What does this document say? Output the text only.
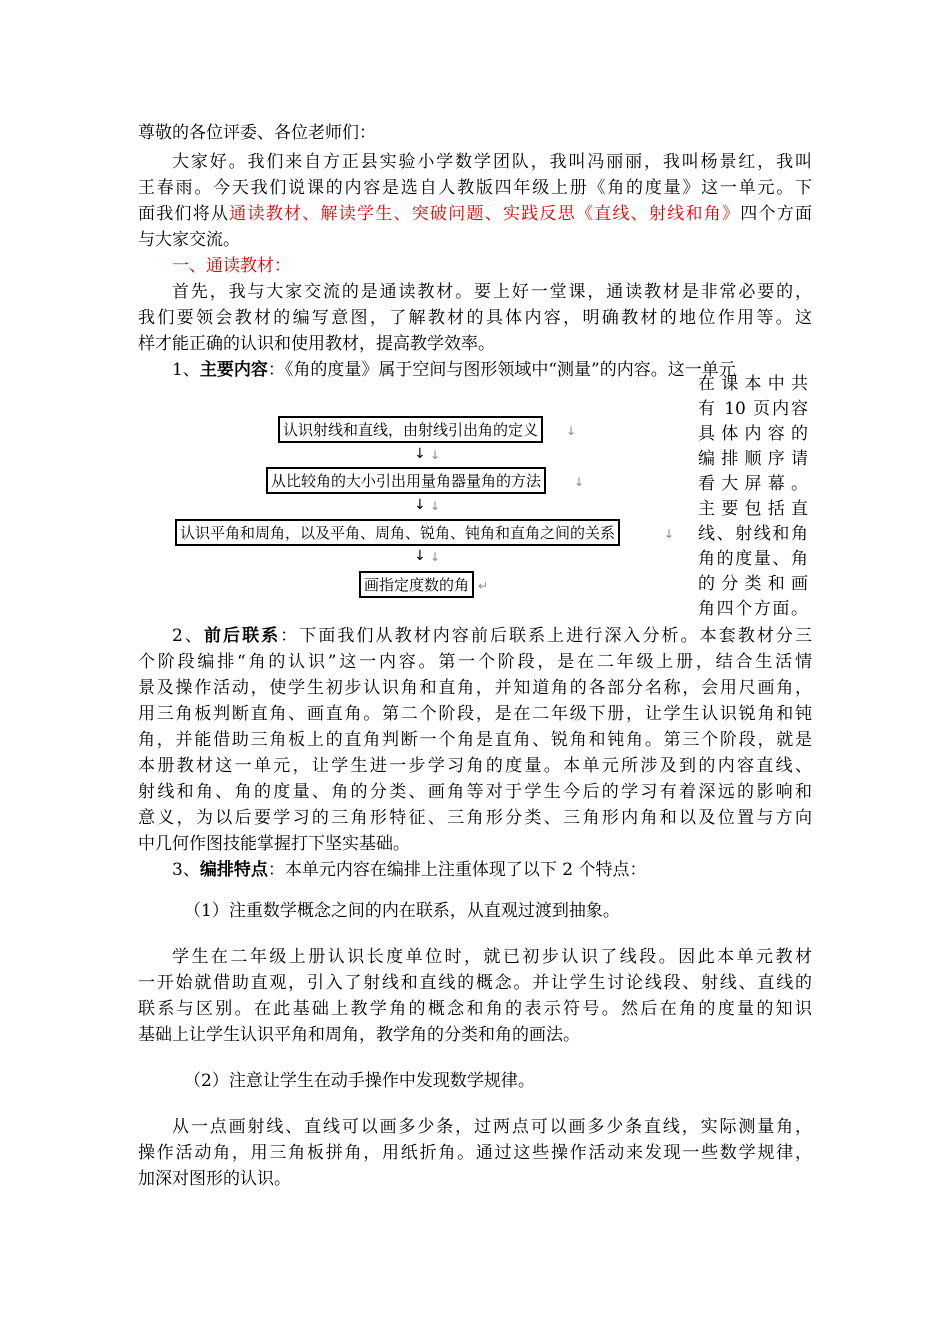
尊敬的各位评委、各位老师们：
大家好。我们来自方正县实验小学数学团队，我叫冯丽丽，我叫杨景红，我叫
王春雨。今天我们说课的内容是选自人教版四年级上册《角的度量》这一单元。下
面我们将从通读教材、解读学生、突破问题、实践反思《直线、射线和角》四个方面
与大家交流。
一、通读教材：
首先，我与大家交流的是通读教材。要上好一堂课，通读教材是非常必要的，
我们要领会教材的编写意图，了解教材的具体内容，明确教材的地位作用等。这
样才能正确的认识和使用教材，提高教学效率。
1、主要内容：《角的度量》属于空间与图形领域中“测量”的内容。这一单元
在课本中共
有 10 页内容
具体内容的
编排顺序请
看大屏幕。
主要包括直
线、射线和角
角的度量、角
的分类和画
角四个方面。
认识射线和直线，由射线引出角的定义	↓
↓ ↓
从比较角的大小引出用量角器量角的方法	↓
↓ ↓
认识平角和周角，以及平角、周角、锐角、钝角和直角之间的关系	↓
↓ ↓
画指定度数的角 ↵
2、前后联系：下面我们从教材内容前后联系上进行深入分析。本套教材分三
个阶段编排“角的认识”这一内容。第一个阶段，是在二年级上册，结合生活情
景及操作活动，使学生初步认识角和直角，并知道角的各部分名称，会用尺画角，
用三角板判断直角、画直角。第二个阶段，是在二年级下册，让学生认识锐角和钝
角，并能借助三角板上的直角判断一个角是直角、锐角和钝角。第三个阶段，就是
本册教材这一单元，让学生进一步学习角的度量。本单元所涉及到的内容直线、
射线和角、角的度量、角的分类、画角等对于学生今后的学习有着深远的影响和
意义，为以后要学习的三角形特征、三角形分类、三角形内角和以及位置与方向
中几何作图技能掌握打下坚实基础。
3、编排特点：本单元内容在编排上注重体现了以下 2 个特点：
（1）注重数学概念之间的内在联系，从直观过渡到抽象。
学生在二年级上册认识长度单位时，就已初步认识了线段。因此本单元教材
一开始就借助直观，引入了射线和直线的概念。并让学生讨论线段、射线、直线的
联系与区别。在此基础上教学角的概念和角的表示符号。然后在角的度量的知识
基础上让学生认识平角和周角，教学角的分类和角的画法。
（2）注意让学生在动手操作中发现数学规律。
从一点画射线、直线可以画多少条，过两点可以画多少条直线，实际测量角，
操作活动角，用三角板拼角，用纸折角。通过这些操作活动来发现一些数学规律，
加深对图形的认识。
